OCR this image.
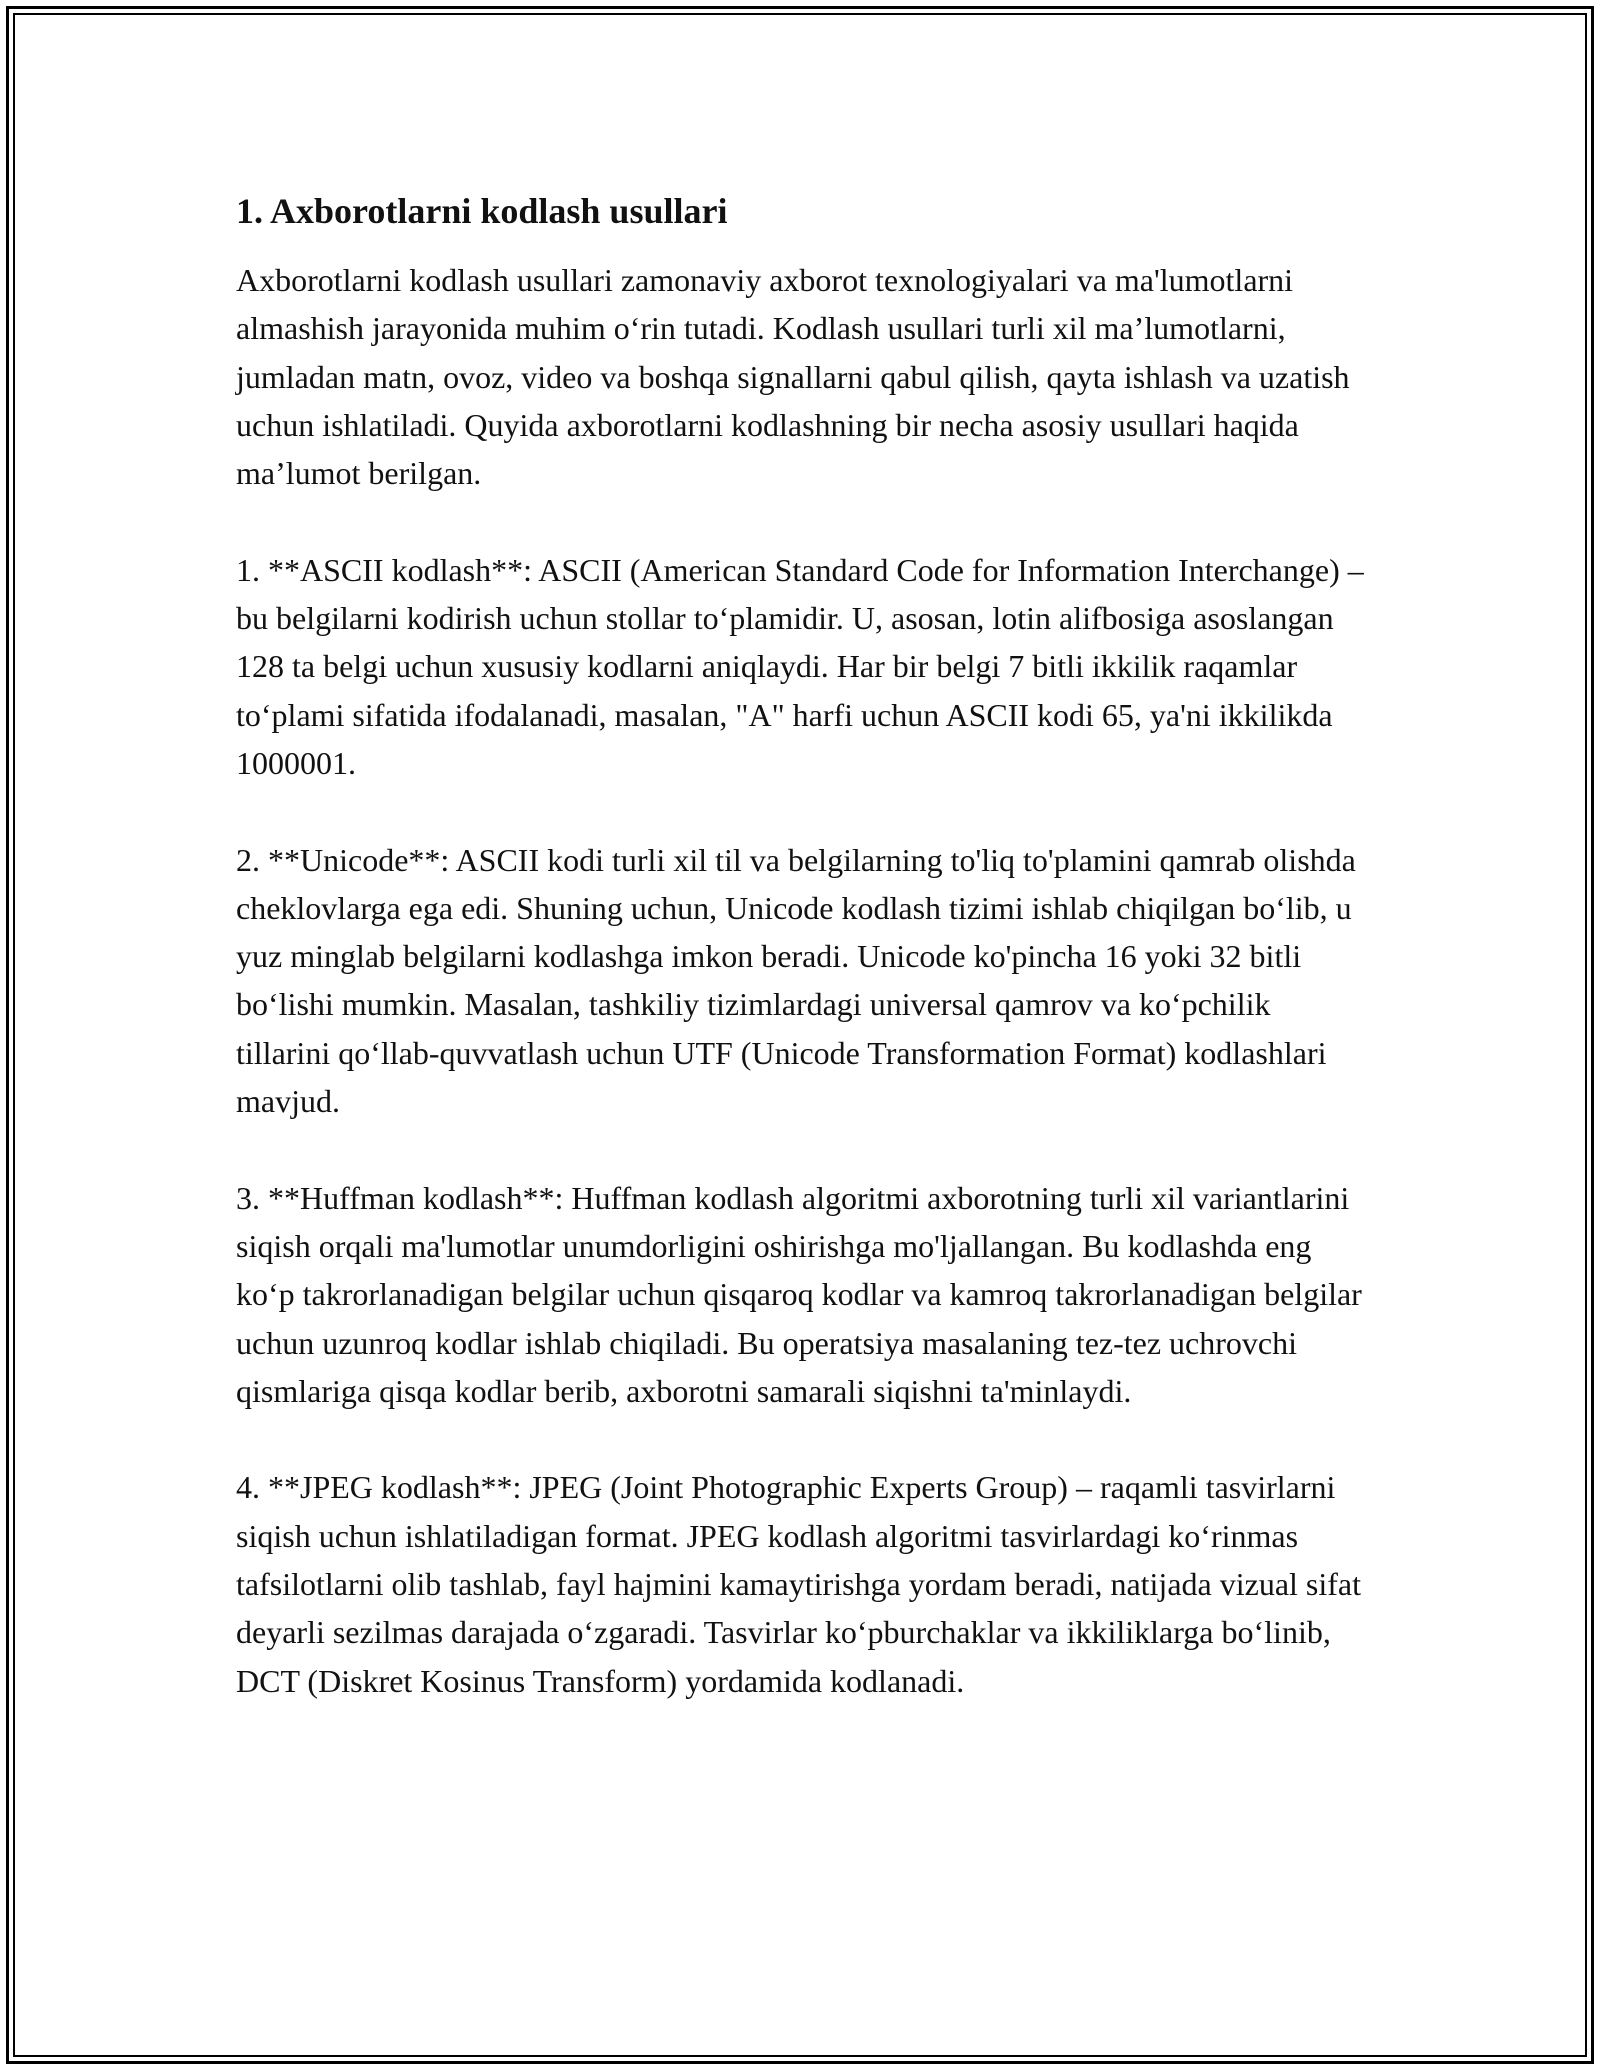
1. Axborotlarni kodlash usullari

Axborotlarni kodlash usullari zamonaviy axborot texnologiyalari va ma'lumotlarni almashish jarayonida muhim o‘rin tutadi. Kodlash usullari turli xil ma’lumotlarni, jumladan matn, ovoz, video va boshqa signallarni qabul qilish, qayta ishlash va uzatish uchun ishlatiladi. Quyida axborotlarni kodlashning bir necha asosiy usullari haqida ma’lumot berilgan.

1. **ASCII kodlash**: ASCII (American Standard Code for Information Interchange) – bu belgilarni kodirish uchun stollar to‘plamidir. U, asosan, lotin alifbosiga asoslangan 128 ta belgi uchun xususiy kodlarni aniqlaydi. Har bir belgi 7 bitli ikkilik raqamlar to‘plami sifatida ifodalanadi, masalan, "A" harfi uchun ASCII kodi 65, ya'ni ikkilikda 1000001.

2. **Unicode**: ASCII kodi turli xil til va belgilarning to'liq to'plamini qamrab olishda cheklovlarga ega edi. Shuning uchun, Unicode kodlash tizimi ishlab chiqilgan bo‘lib, u yuz minglab belgilarni kodlashga imkon beradi. Unicode ko'pincha 16 yoki 32 bitli bo‘lishi mumkin. Masalan, tashkiliy tizimlardagi universal qamrov va ko‘pchilik tillarini qo‘llab-quvvatlash uchun UTF (Unicode Transformation Format) kodlashlari mavjud.

3. **Huffman kodlash**: Huffman kodlash algoritmi axborotning turli xil variantlarini siqish orqali ma'lumotlar unumdorligini oshirishga mo'ljallangan. Bu kodlashda eng ko‘p takrorlanadigan belgilar uchun qisqaroq kodlar va kamroq takrorlanadigan belgilar uchun uzunroq kodlar ishlab chiqiladi. Bu operatsiya masalaning tez-tez uchrovchi qismlariga qisqa kodlar berib, axborotni samarali siqishni ta'minlaydi.

4. **JPEG kodlash**: JPEG (Joint Photographic Experts Group) – raqamli tasvirlarni siqish uchun ishlatiladigan format. JPEG kodlash algoritmi tasvirlardagi ko‘rinmas tafsilotlarni olib tashlab, fayl hajmini kamaytirishga yordam beradi, natijada vizual sifat deyarli sezilmas darajada o‘zgaradi. Tasvirlar ko‘pburchaklar va ikkiliklarga bo‘linib, DCT (Diskret Kosinus Transform) yordamida kodlanadi.
